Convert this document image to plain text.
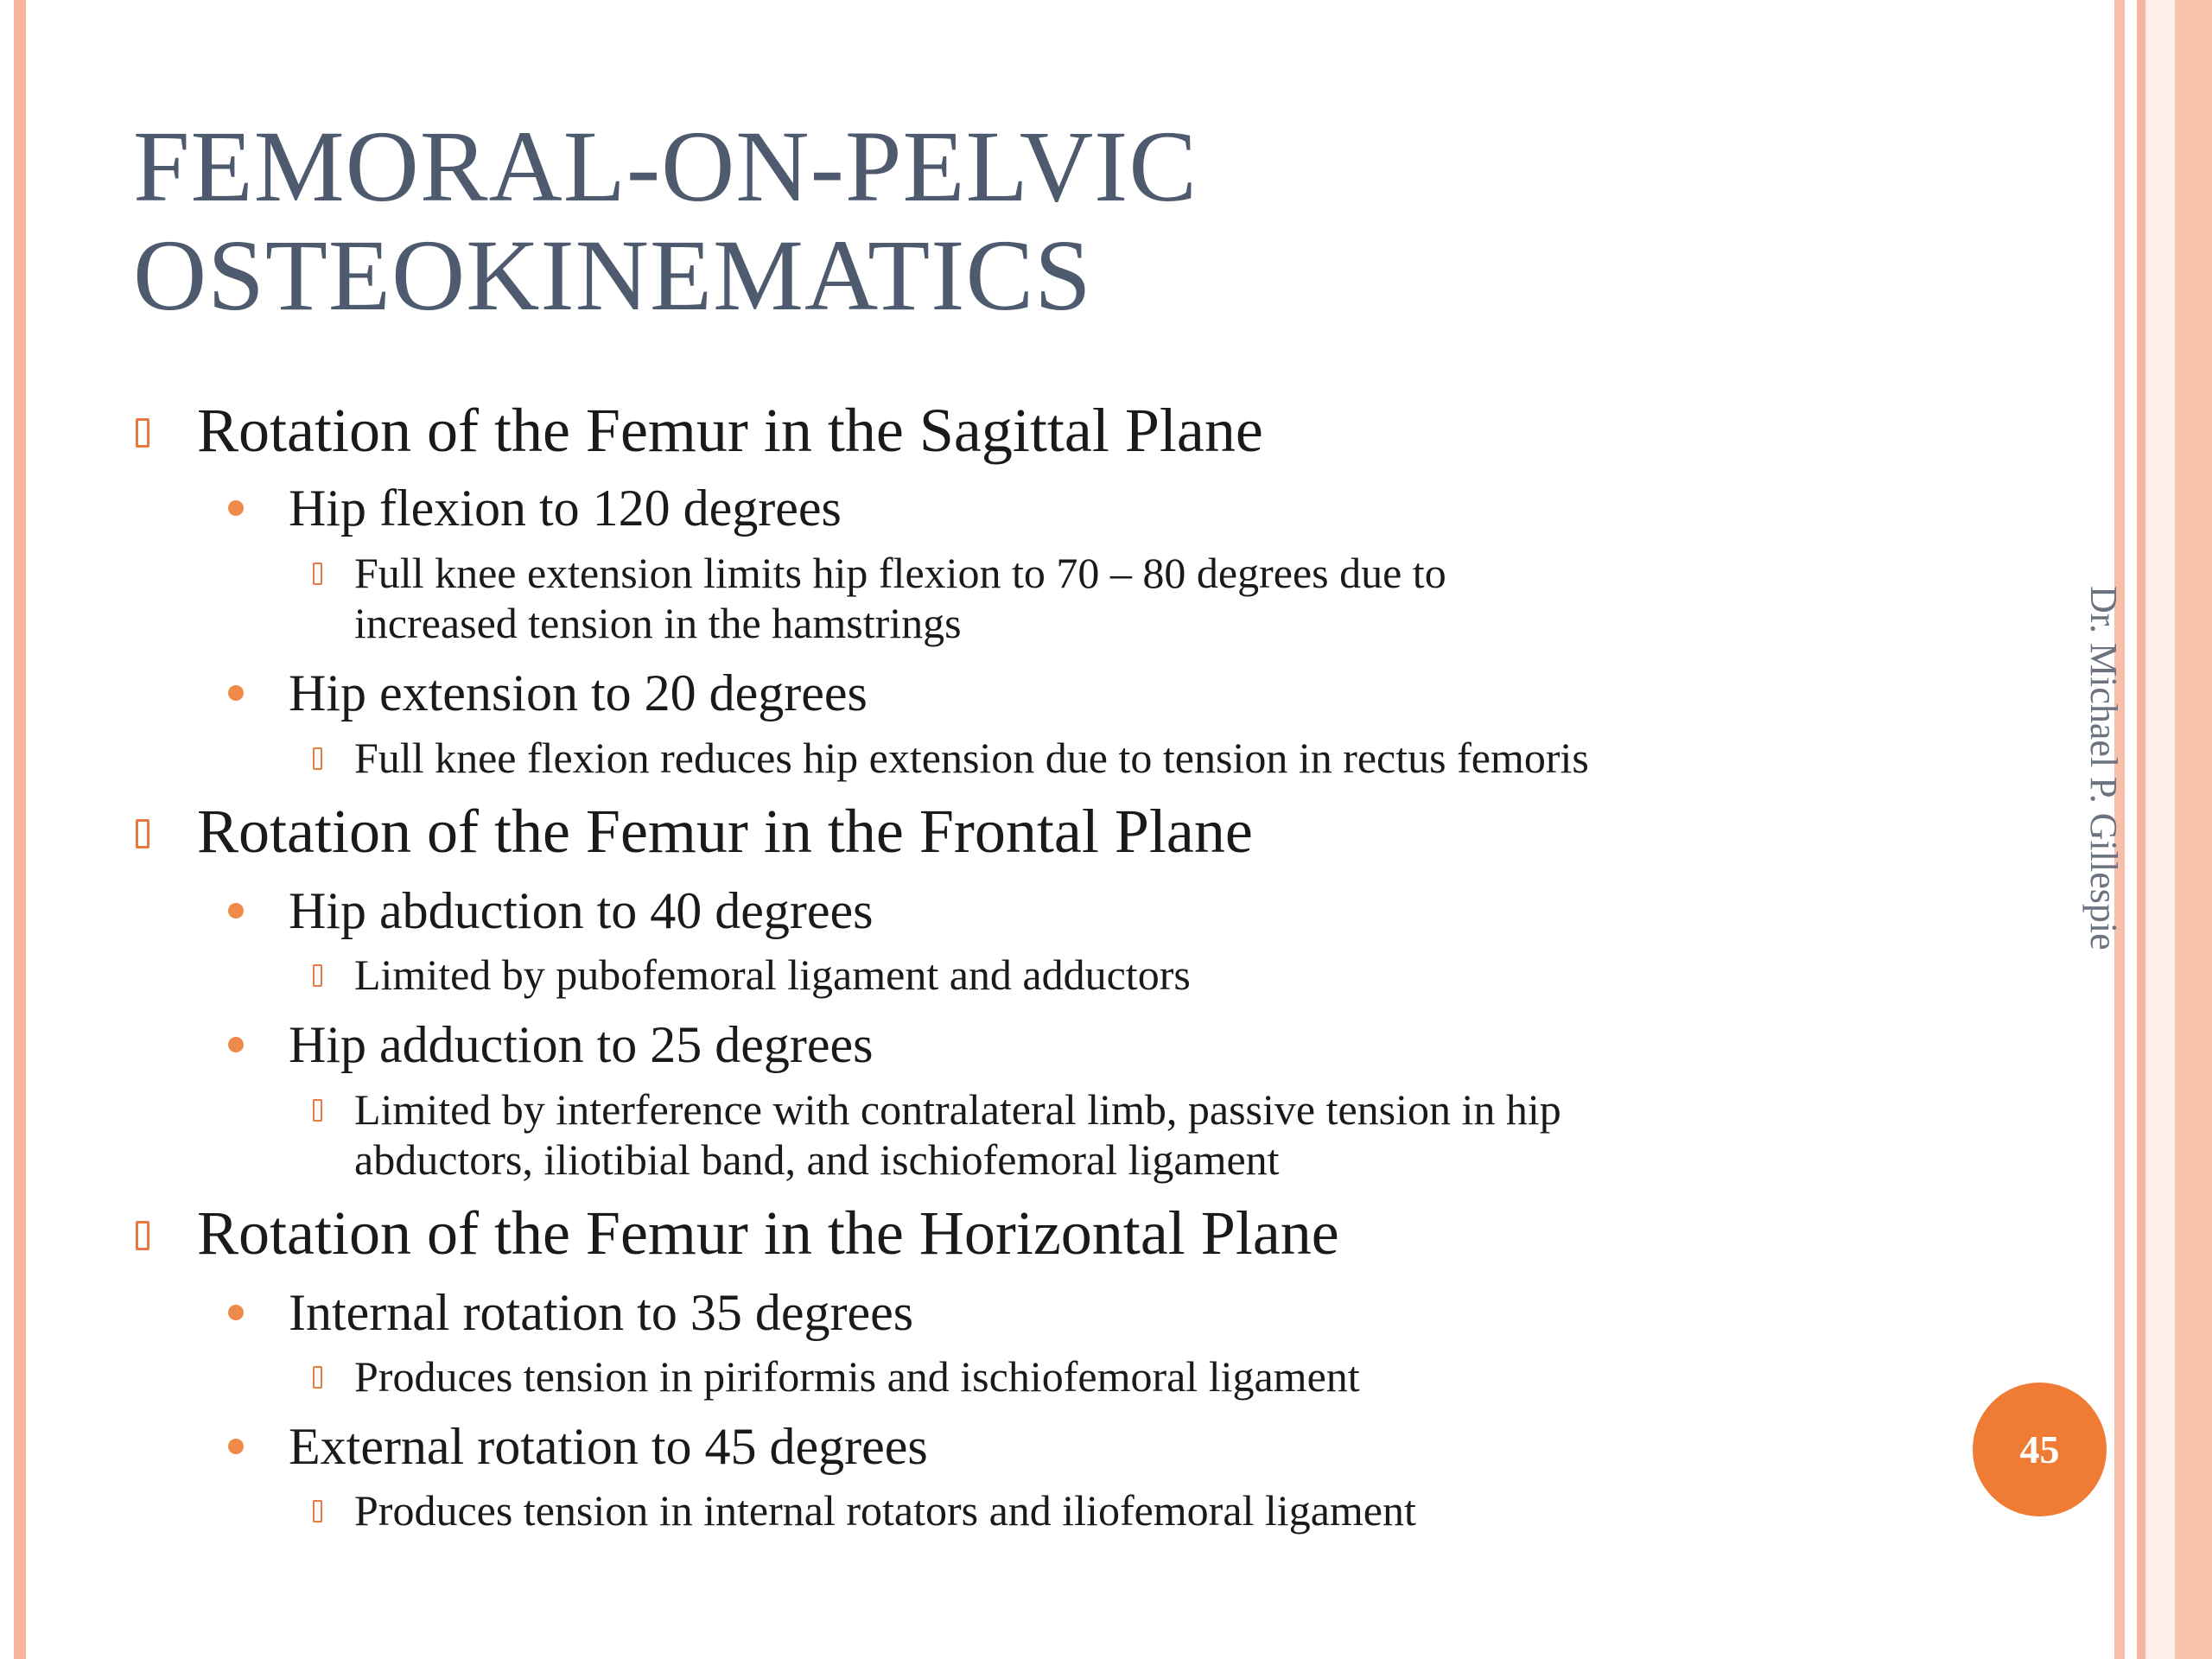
FEMORAL-ON-PELVIC
OSTEOKINEMATICS
Rotation of the Femur in the Sagittal Plane
Hip flexion to 120 degrees
Full knee extension limits hip flexion to 70 – 80 degrees due to
increased tension in the hamstrings
Hip extension to 20 degrees
Full knee flexion reduces hip extension due to tension in rectus femoris
Rotation of the Femur in the Frontal Plane
Hip abduction to 40 degrees
Limited by pubofemoral ligament and adductors
Hip adduction to 25 degrees
Limited by interference with contralateral limb, passive tension in hip
abductors, iliotibial band, and ischiofemoral ligament
Rotation of the Femur in the Horizontal Plane
Internal rotation to 35 degrees
Produces tension in piriformis and ischiofemoral ligament
External rotation to 45 degrees
Produces tension in internal rotators and iliofemoral ligament
Dr. Michael P. Gillespie
45
